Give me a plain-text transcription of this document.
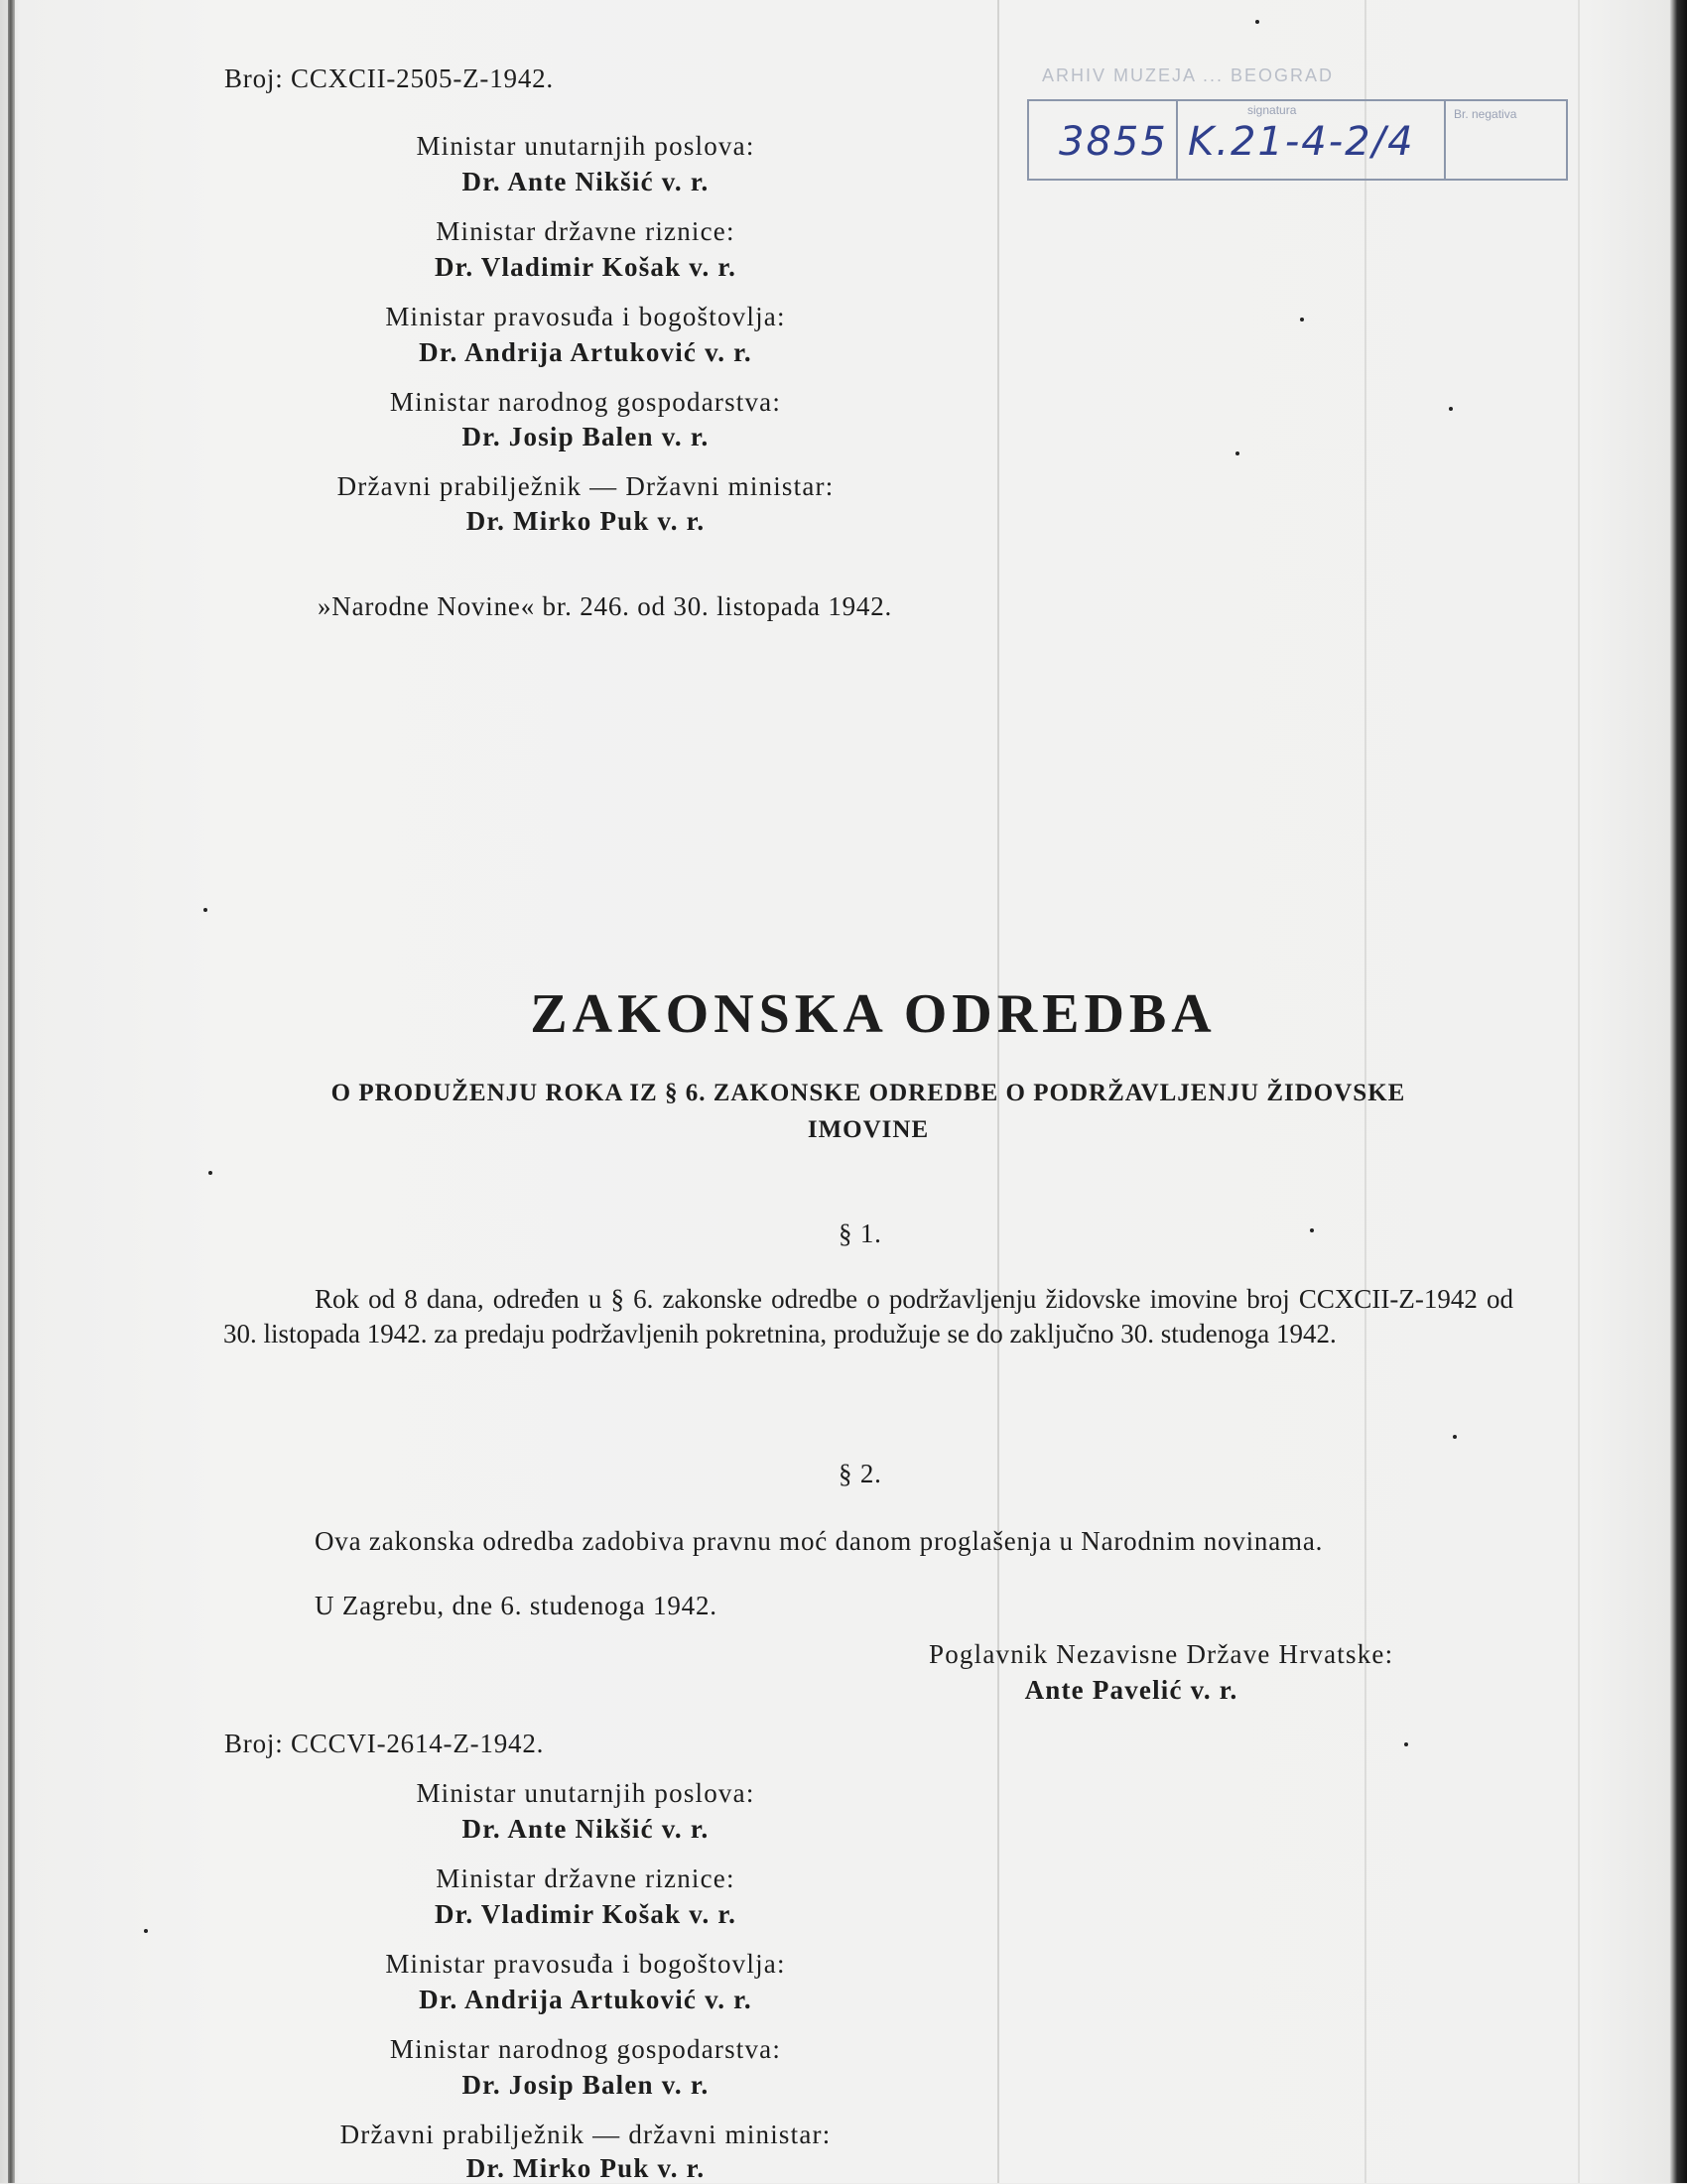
ARHIV MUZEJA ... BEOGRAD
3855
signatura
K.21-4-2/4
Br. negativa
Broj: CCXCII-2505-Z-1942.
Ministar unutarnjih poslova:
Dr. Ante Nikšić v. r.
Ministar državne riznice:
Dr. Vladimir Košak v. r.
Ministar pravosuđa i bogoštovlja:
Dr. Andrija Artuković v. r.
Ministar narodnog gospodarstva:
Dr. Josip Balen v. r.
Državni prabilježnik — Državni ministar:
Dr. Mirko Puk v. r.
»Narodne Novine« br. 246. od 30. listopada 1942.
ZAKONSKA ODREDBA
O PRODUŽENJU ROKA IZ § 6. ZAKONSKE ODREDBE O PODRŽAVLJENJU ŽIDOVSKE
IMOVINE
§ 1.
Rok od 8 dana, određen u § 6. zakonske odredbe o podržavljenju židovske imovine broj CCXCII-Z-1942 od 30. listopada 1942. za predaju podržavljenih pokretnina, produžuje se do zaključno 30. studenoga 1942.
§ 2.
Ova zakonska odredba zadobiva pravnu moć danom proglašenja u Narodnim novinama.
U Zagrebu, dne 6. studenoga 1942.
Poglavnik Nezavisne Države Hrvatske:
Ante Pavelić v. r.
Broj: CCCVI-2614-Z-1942.
Ministar unutarnjih poslova:
Dr. Ante Nikšić v. r.
Ministar državne riznice:
Dr. Vladimir Košak v. r.
Ministar pravosuđa i bogoštovlja:
Dr. Andrija Artuković v. r.
Ministar narodnog gospodarstva:
Dr. Josip Balen v. r.
Državni prabilježnik — državni ministar:
Dr. Mirko Puk v. r.
